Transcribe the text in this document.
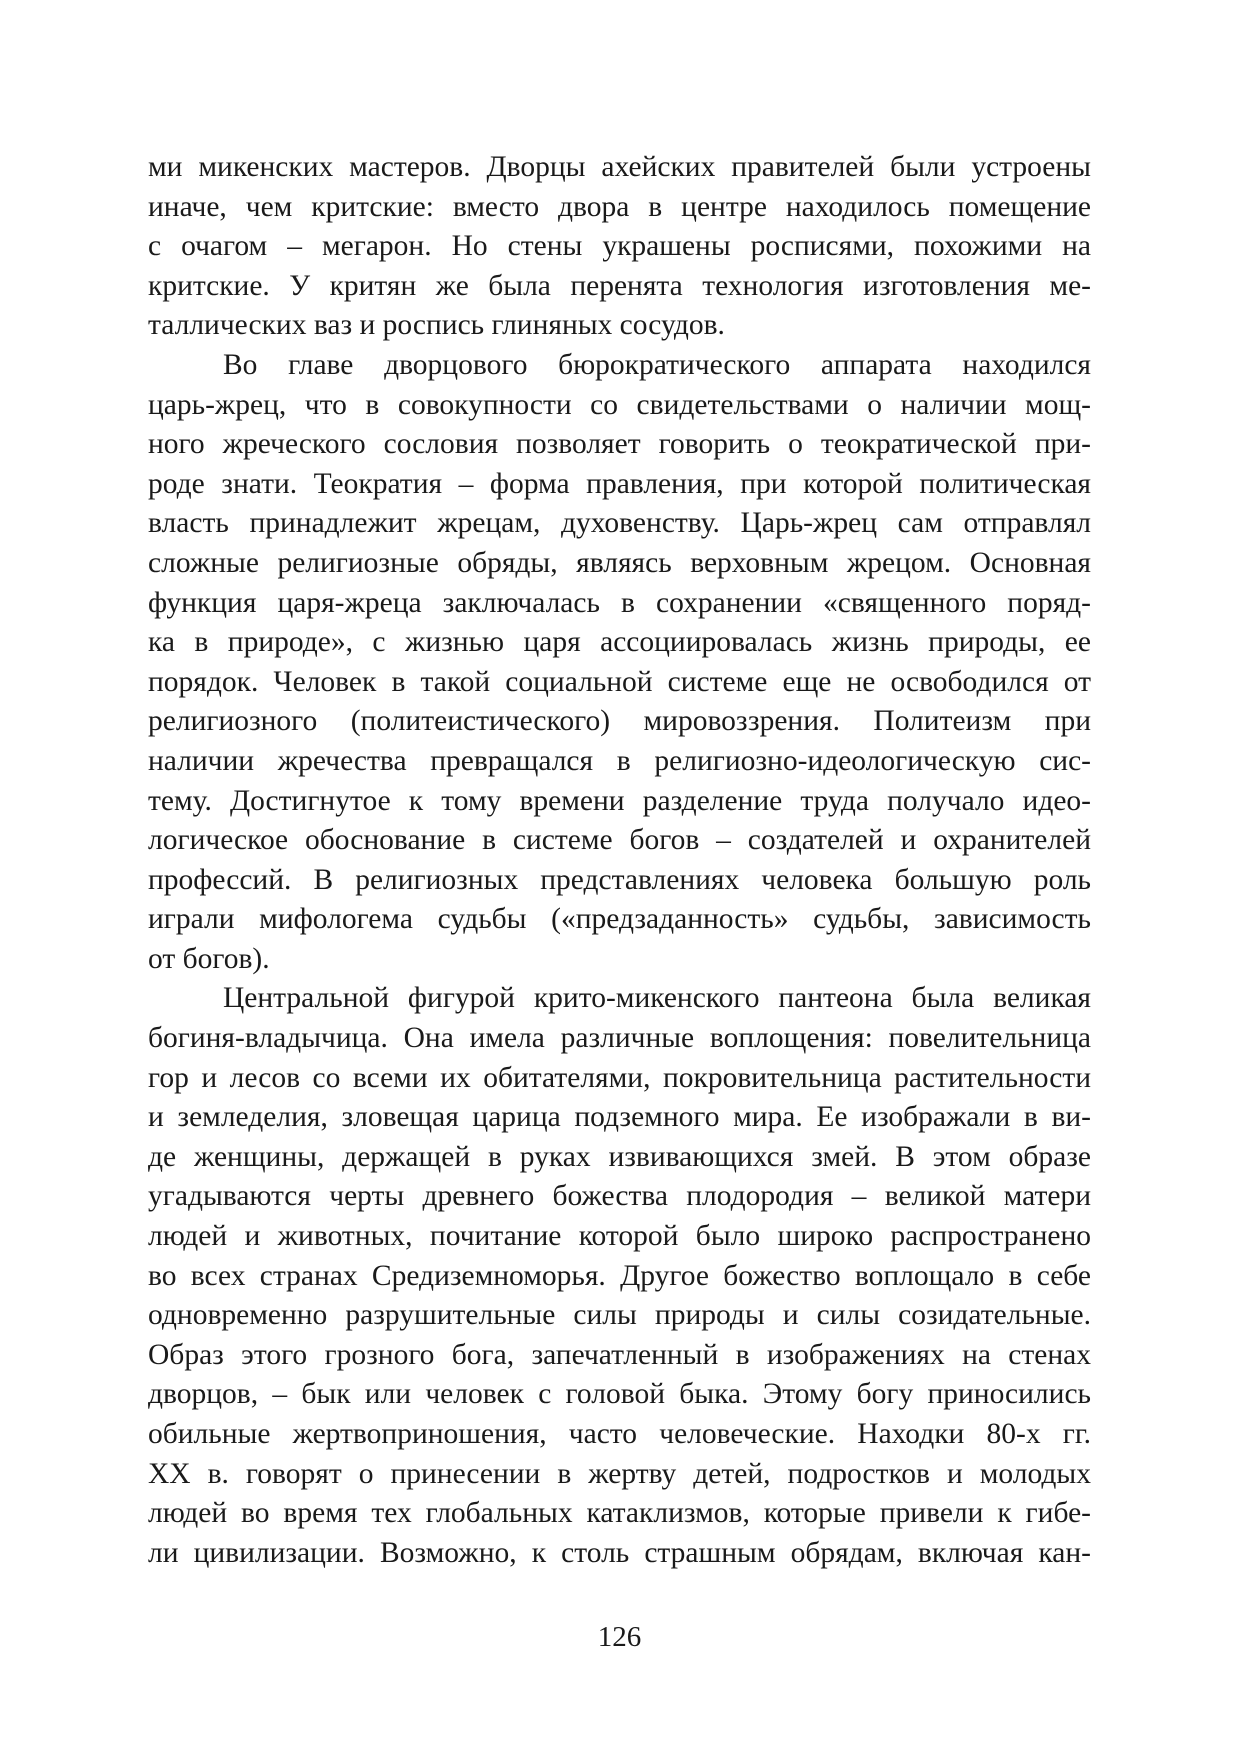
ми микенских мастеров. Дворцы ахейских правителей были устроены
иначе, чем критские: вместо двора в центре находилось помещение
с очагом – мегарон. Но стены украшены росписями, похожими на
критские. У критян же была перенята технология изготовления ме-
таллических ваз и роспись глиняных сосудов.
Во главе дворцового бюрократического аппарата находился
царь-жрец, что в совокупности со свидетельствами о наличии мощ-
ного жреческого сословия позволяет говорить о теократической при-
роде знати. Теократия – форма правления, при которой политическая
власть принадлежит жрецам, духовенству. Царь-жрец сам отправлял
сложные религиозные обряды, являясь верховным жрецом. Основная
функция царя-жреца заключалась в сохранении «священного поряд-
ка в природе», с жизнью царя ассоциировалась жизнь природы, ее
порядок. Человек в такой социальной системе еще не освободился от
религиозного (политеистического) мировоззрения. Политеизм при
наличии жречества превращался в религиозно-идеологическую сис-
тему. Достигнутое к тому времени разделение труда получало идео-
логическое обоснование в системе богов – создателей и охранителей
профессий. В религиозных представлениях человека большую роль
играли мифологема судьбы («предзаданность» судьбы, зависимость
от богов).
Центральной фигурой крито-микенского пантеона была великая
богиня-владычица. Она имела различные воплощения: повелительница
гор и лесов со всеми их обитателями, покровительница растительности
и земледелия, зловещая царица подземного мира. Ее изображали в ви-
де женщины, держащей в руках извивающихся змей. В этом образе
угадываются черты древнего божества плодородия – великой матери
людей и животных, почитание которой было широко распространено
во всех странах Средиземноморья. Другое божество воплощало в себе
одновременно разрушительные силы природы и силы созидательные.
Образ этого грозного бога, запечатленный в изображениях на стенах
дворцов, – бык или человек с головой быка. Этому богу приносились
обильные жертвоприношения, часто человеческие. Находки 80-х гг.
XX в. говорят о принесении в жертву детей, подростков и молодых
людей во время тех глобальных катаклизмов, которые привели к гибе-
ли цивилизации. Возможно, к столь страшным обрядам, включая кан-
126
